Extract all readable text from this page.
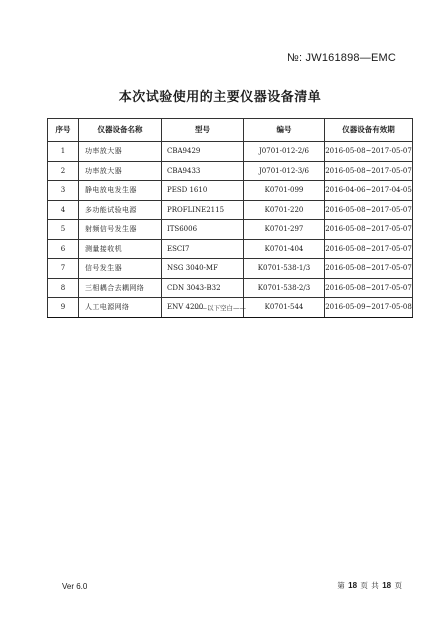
№: JW161898—EMC
本次试验使用的主要仪器设备清单
序号	仪器设备名称	型号	编号	仪器设备有效期
1	功率放大器	CBA9429	J0701-012-2/6	2016-05-08~2017-05-07
2	功率放大器	CBA9433	J0701-012-3/6	2016-05-08~2017-05-07
3	静电放电发生器	PESD 1610	K0701-099	2016-04-06~2017-04-05
4	多功能试验电源	PROFLINE2115	K0701-220	2016-05-08~2017-05-07
5	射频信号发生器	ITS6006	K0701-297	2016-05-08~2017-05-07
6	测量接收机	ESCI7	K0701-404	2016-05-08~2017-05-07
7	信号发生器	NSG 3040-MF	K0701-538-1/3	2016-05-08~2017-05-07
8	三相耦合去耦网络	CDN 3043-B32	K0701-538-2/3	2016-05-08~2017-05-07
9	人工电源网络	ENV 4200	K0701-544	2016-05-09~2017-05-08
——以下空白——
Ver 6.0	第 18 页 共 18 页
